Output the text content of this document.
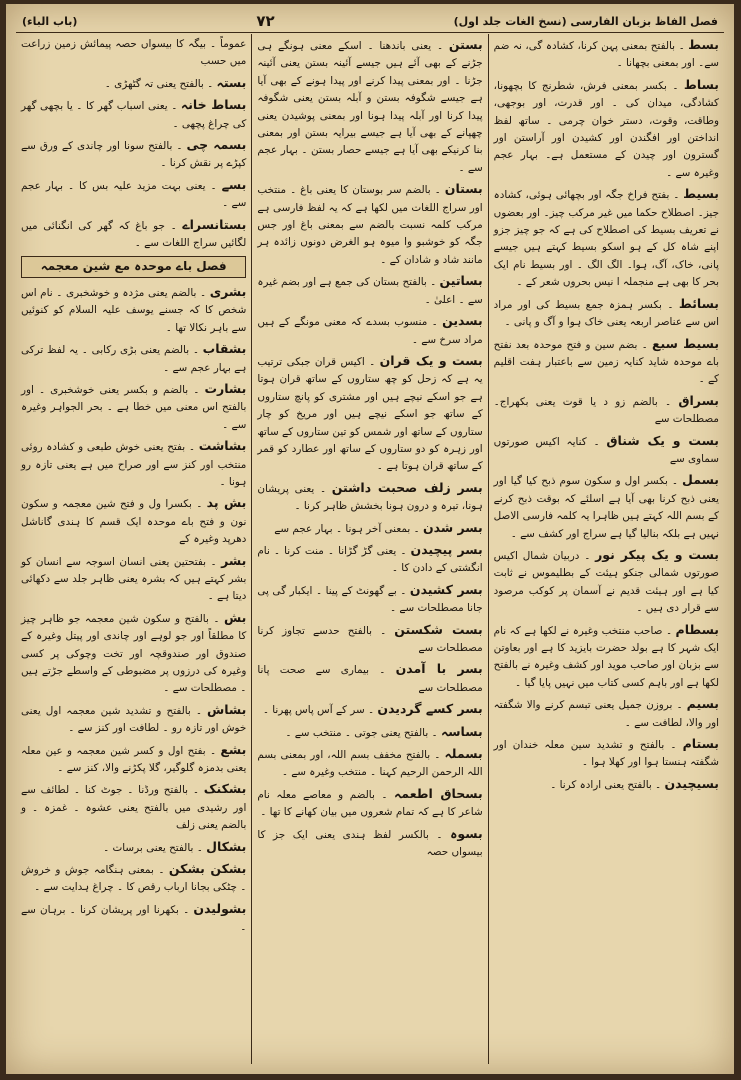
فصل الفاظ بزبان الفارسی (نسخ الغات جلد اول)
۷۲
(باب الباء)

بسط ۔ بالفتح بمعنی پہن کرنا، کشادہ گی، نہ ضم سے۔ اور بمعنی بچھانا ۔

بساط ۔ بکسر بمعنی فرش، شطرنج کا بچھونا، کشادگی، میدان کی ۔ اور قدرت، اور بوجھی، وطاقت، وقوت، دستر خوان چرمی ۔ ساتھ لفظ انداختن اور افگندن اور کشیدن اور آراستن اور گسترون اور چیدن کے مستعمل ہے۔ بہار عجم وغیرہ سے ۔

بسیط ۔ بفتح فراخ جگہ اور بچھائی ہوئی، کشادہ جیز۔ اصطلاح حکما میں غیر مرکب چیز۔ اور بعضوں نے تعریف بسیط کی اصطلاح کی ہے کہ جو چیز جزو اپنے شاہ کل کے ہو اسکو بسیط کہتے ہیں جیسے پانی، خاک، آگ، ہوا۔ الگ الگ ۔ اور بسیط نام ایک بحر کا بھی ہے منجملہ ا نیس بحروں شعر کے ۔

بسائط ۔ بکسر ہمزہ جمع بسیط کی اور مراد اس سے عناصر اربعہ یعنی خاک ہوا و آگ و پانی ۔

بسیط سبع ۔ بضم سین و فتح موحدہ بعد نفتح باے موحدہ شاید کنایہ زمین سے باعتبار ہفت اقلیم کے ۔

بسراق ۔ بالضم زو د یا قوت یعنی بکھراج۔ مصطلحات سے

بست و یک شناق ۔ کنایہ اکیس صورتوں سماوی سے

بسمل ۔ بکسر اول و سکون سوم ذبح کیا گیا اور یعنی ذبح کرنا بھی آیا ہے اسلئے کہ بوقت ذبح کرنے کے بسم اللہ کہتے ہیں ظاہرا یہ کلمہ فارسی الاصل نہیں ہے بلکہ بنالیا گیا ہے سراج اور کشف سے ۔

بست و یک پیکر نور ۔ دربیان شمال اکیس صورتوں شمالی جنکو ہیئت کے بطلیموس نے ثابت کیا ہے اور ہیئت قدیم نے آسمان پر کوکب مرصود سے قرار دی ہیں ۔

بسطام ۔ صاحب منتخب وغیرہ نے لکھا ہے کہ نام ایک شہر کا ہے بولد حضرت بایزید کا ہے اور بعاوتن سے بزبان اور صاحب موید اور کشف وغیرہ نے بالفتح لکھا ہے اور باہم کسی کتاب میں نہیں پایا گیا ۔

بسیم ۔ بروزن جمیل یعنی تبسم کرنے والا شگفتہ اور والا، لطافت سے ۔

بستام ۔ بالفتح و تشدید سین معلہ خندان اور شگفتہ ہنستا ہوا اور کھلا ہوا ۔

بسیچیدن ۔ بالفتح یعنی ارادہ کرنا ۔

بستن ۔ یعنی باندھنا ۔ اسکے معنی ہونگے ہی جڑنے کے بھی آئے ہیں جیسے آئینہ بستن یعنی آئینہ جڑنا ۔ اور بمعنی پیدا کرنے اور پیدا ہونے کے بھی آیا ہے جیسے شگوفہ بستن و آبلہ بستن یعنی شگوفہ پیدا کرنا اور آبلہ پیدا ہونا اور بمعنی پوشیدن یعنی چھپانے کے بھی آیا ہے جیسے بیرایہ بستن اور بمعنی بنا کرنیکے بھی آیا ہے جیسے حصار بستن ۔ بہار عجم سے ۔

بستان ۔ بالضم سر بوستان کا یعنی باغ ۔ منتخب اور سراج اللغات میں لکھا ہے کہ یہ لفظ فارسی ہے مرکب کلمہ نسبت بالضم سے بمعنی باغ اور جس جگہ کو خوشبو وا میوہ ہو الغرض دونوں زائدہ ہر مانند شاد و شادان کے ۔

بساتین ۔ بالفتح بستان کی جمع ہے اور بضم غیرہ سے ۔ اعلیٰ ۔

بسدین ۔ منسوب بسدے کہ معنی مونگے کے ہیں مراد سرخ سے ۔

بست و یک قران ۔ اکیس قران جبکی ترتیب یہ ہے کہ زحل کو چھ ستاروں کے ساتھ قران ہوتا ہے جو اسکے نیچے ہیں اور مشتری کو پانچ ستاروں کے ساتھ جو اسکے نیچے ہیں اور مریخ کو چار ستاروں کے ساتھ اور شمس کو تین ستاروں کے ساتھ اور زہرہ کو دو ستاروں کے ساتھ اور عطارد کو قمر کے ساتھ قران ہوتا ہے ۔

بسر زلف صحبت داشتن ۔ یعنی پریشان ہونا، تیرہ و درون ہونا بخشش ظاہر کرنا ۔

بسر شدن ۔ بمعنی آخر ہونا ۔ بہار عجم سے

بسر پیچیدن ۔ یعنی گڑ گڑانا ۔ منت کرنا ۔ نام انگشتی کے دادن کا ۔

بسر کشیدن ۔ بے گھونٹ کے پینا ۔ ایکبار گی پی جانا مصطلحات سے ۔

بست شکستن ۔ بالفتح حدسے تجاوز کرنا مصطلحات سے

بسر با آمدن ۔ بیماری سے صحت پانا مصطلحات سے

بسر کسے گردیدن ۔ سر کے آس پاس پھرنا ۔

بساسہ ۔ بالفتح یعنی جوتی ۔ منتخب سے ۔

بسملہ ۔ بالفتح مخفف بسم اللہ، اور بمعنی بسم اللہ الرحمن الرحیم کہنا ۔ منتخب وغیرہ سے ۔

بسحاق اطعمہ ۔ بالضم و معاصے معلہ نام شاعر کا ہے کہ تمام شعروں میں بیان کھانے کا تھا ۔

بسوہ ۔ بالکسر لفظ ہندی یعنی ایک جز کا بیسواں حصہ

عموماً ۔ بیگہ کا بیسواں حصہ پیمائش زمین زراعت میں حسب

بستہ ۔ بالفتح یعنی تہ گٹھڑی ۔

بساط خانہ ۔ یعنی اسباب گھر کا ۔ یا بچھی گھر کی چراغ پچھی ۔

بسمہ چی ۔ بالفتح سونا اور چاندی کے ورق سے کپڑے پر نقش کرنا ۔

بسے ۔ یعنی بہت مزید علیہ بس کا ۔ بہار عجم سے ۔

بستانسراے ۔ جو باغ کہ گھر کی انگنائی میں لگائیں سراج اللغات سے ۔

فصل باے موحدہ مع شین معجمہ

بشری ۔ بالضم یعنی مژدہ و خوشخبری ۔ نام اس شخص کا کہ جسنے یوسف علیہ السلام کو کنوئیں سے باہر نکالا تھا ۔

بشقاب ۔ بالضم یعنی بڑی رکابی ۔ یہ لفظ ترکی ہے بہار عجم سے ۔

بشارت ۔ بالضم و بکسر یعنی خوشخبری ۔ اور بالفتح اس معنی میں خطا ہے ۔ بحر الجواہر وغیرہ سے ۔

بشاشت ۔ بفتح یعنی خوش طبعی و کشادہ روئی منتخب اور کنز سے اور صراح میں ہے یعنی تازہ رو ہونا ۔

بش پد ۔ بکسرا ول و فتح شین معجمہ و سکون نون و فتح باے موحدہ ایک قسم کا ہندی گاناشل دھرپد وغیرہ کے

بشر ۔ بفتحتین یعنی انسان اسوجہ سے انسان کو بشر کہتے ہیں کہ بشرہ یعنی ظاہر جلد سے دکھائی دیتا ہے ۔

بش ۔ بالفتح و سکون شین معجمہ جو ظاہر چیز کا مطلقاً اور جو لوہے اور چاندی اور پیتل وغیرہ کے صندوق اور صندوقچہ اور تخت وچوکی پر کسی وغیرہ کی درزوں پر مضبوطی کے واسطے جڑتے ہیں ۔ مصطلحات سے ۔

بشاش ۔ بالفتح و تشدید شین معجمہ اول یعنی خوش اور تازہ رو ۔ لطافت اور کنز سے ۔

بشع ۔ بفتح اول و کسر شین معجمہ و عین معلہ یعنی بدمزہ گلوگیر، گلا پکڑنے والا، کنز سے ۔

بشکنک ۔ بالفتح ورڈنا ۔ جوٹ کنا ۔ لطائف سے اور رشیدی میں بالفتح یعنی عشوہ ۔ غمزہ ۔ و بالضم یعنی زلف

بشکال ۔ بالفتح یعنی برسات ۔

بشکن بشکن ۔ بمعنی ہنگامہ جوش و خروش ۔ چٹکی بجانا ارباب رقص کا ۔ چراغ ہدایت سے ۔

بشولیدن ۔ بکھرنا اور پریشان کرنا ۔ برہان سے ۔
